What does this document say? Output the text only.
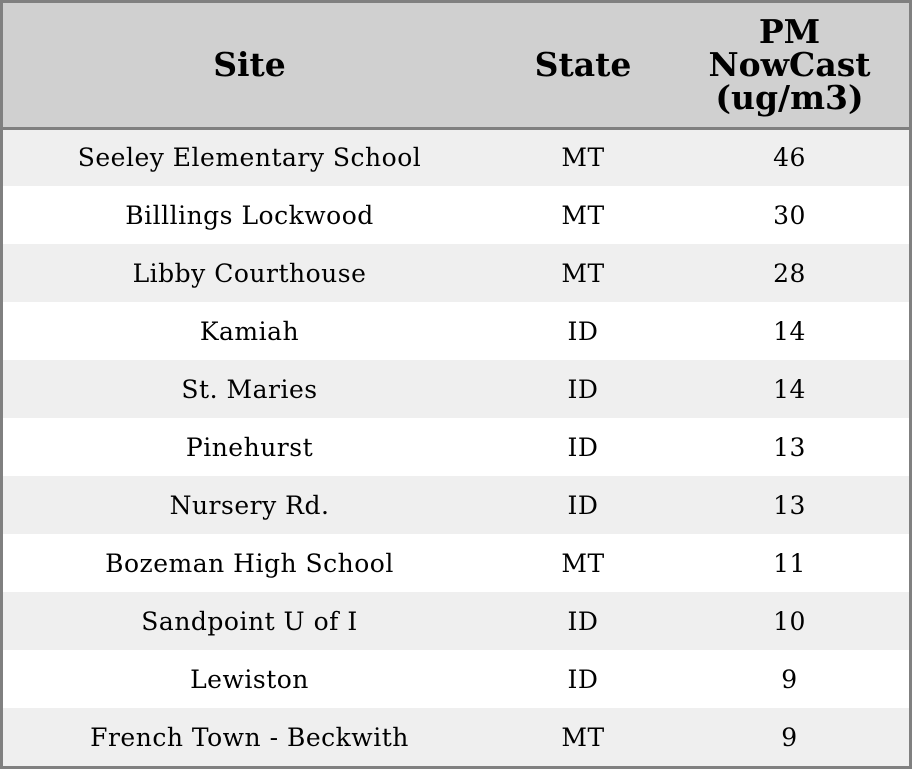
Site	State	PM
NowCast
(ug/m3)
Seeley Elementary School	MT	46
Billlings Lockwood	MT	30
Libby Courthouse	MT	28
Kamiah	ID	14
St. Maries	ID	14
Pinehurst	ID	13
Nursery Rd.	ID	13
Bozeman High School	MT	11
Sandpoint U of I	ID	10
Lewiston	ID	9
French Town - Beckwith	MT	9
